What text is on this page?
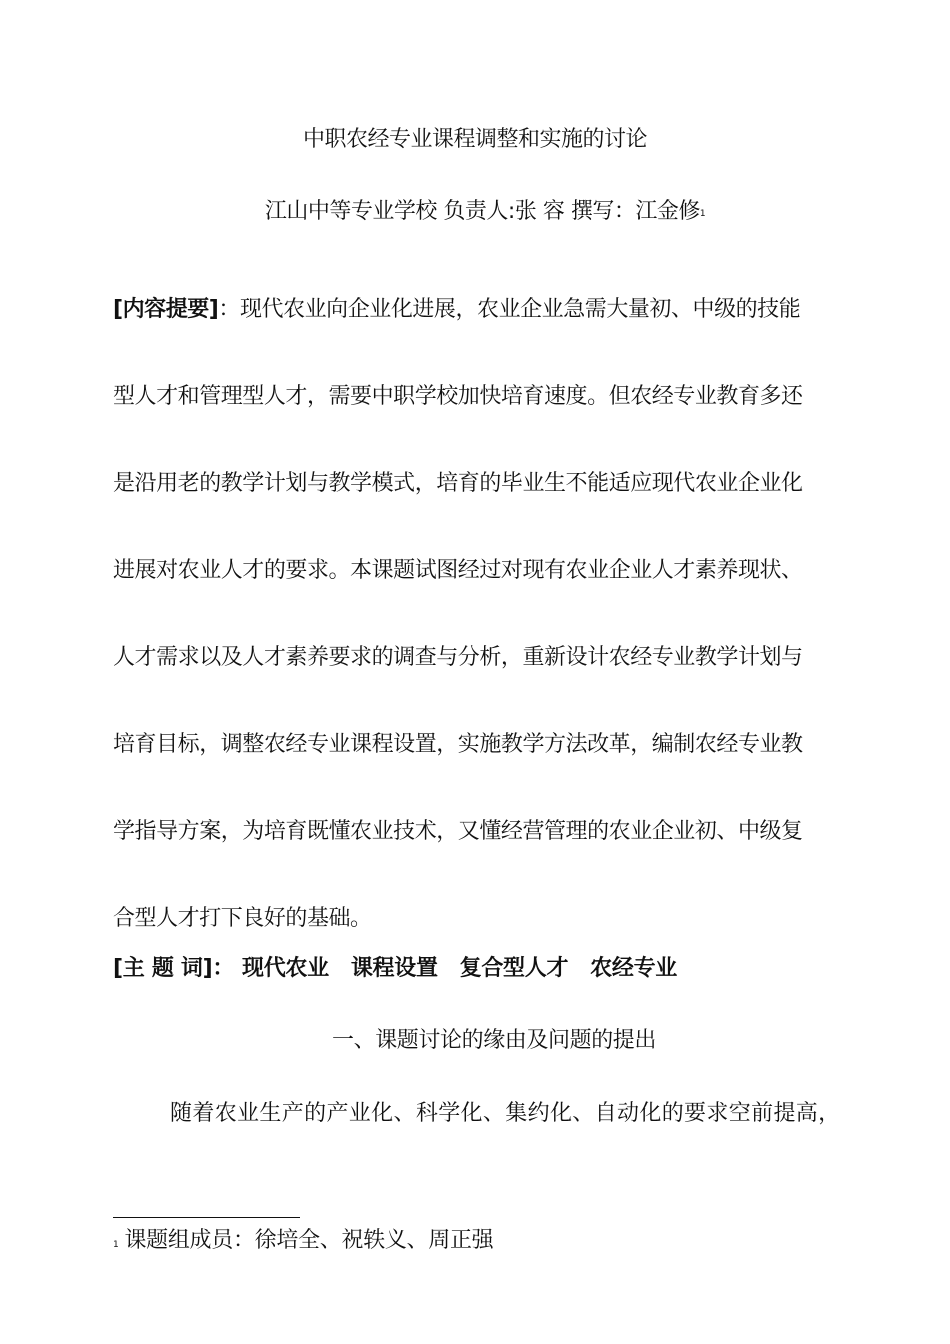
中职农经专业课程调整和实施的讨论
江山中等专业学校 负责人:张 容 撰写：江金修$^1$
[内容提要]：现代农业向企业化进展，农业企业急需大量初、中级的技能
型人才和管理型人才，需要中职学校加快培育速度。但农经专业教育多还
是沿用老的教学计划与教学模式，培育的毕业生不能适应现代农业企业化
进展对农业人才的要求。本课题试图经过对现有农业企业人才素养现状、
人才需求以及人才素养要求的调查与分析，重新设计农经专业教学计划与
培育目标，调整农经专业课程设置，实施教学方法改革，编制农经专业教
学指导方案，为培育既懂农业技术，又懂经营管理的农业企业初、中级复
合型人才打下良好的基础。
[主 题 词]： 现代农业 课程设置 复合型人才 农经专业
一、课题讨论的缘由及问题的提出
随着农业生产的产业化、科学化、集约化、自动化的要求空前提高，
$^1$ 课题组成员：徐培全、祝轶义、周正强
